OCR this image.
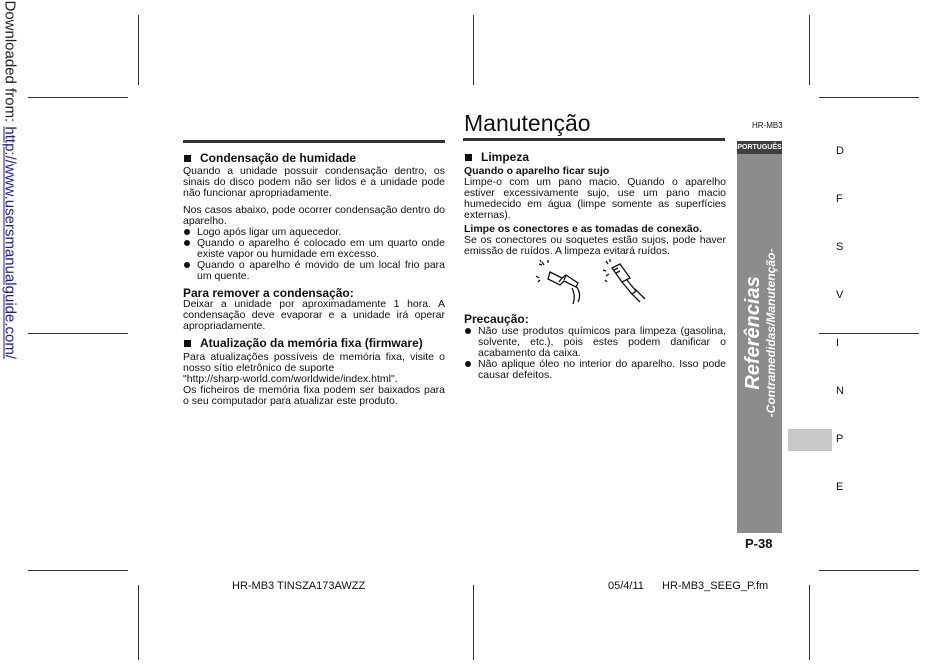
Downloaded from: http://www.usersmanualguide.com/
Manutenção	HR-MB3
Condensação de humidade

Quando a unidade possuir condensação dentro, os sinais do disco podem não ser lidos e a unidade pode não funcionar apropriadamente.

Nos casos abaixo, pode ocorrer condensação dentro do aparelho.

Logo após ligar um aquecedor.
Quando o aparelho é colocado em um quarto onde existe vapor ou humidade em excesso.
Quando o aparelho é movido de um local frio para um quente.
Para remover a condensação:

Deixar a unidade por aproximadamente 1 hora. A condensação deve evaporar e a unidade irá operar apropriadamente.

Atualização da memória fixa (firmware)

Para atualizações possíveis de memória fixa, visite o nosso sítio eletrônico de suporte

"http://sharp-world.com/worldwide/index.html".

Os ficheiros de memória fixa podem ser baixados para o seu computador para atualizar este produto.

Limpeza
Quando o aparelho ficar sujo

Limpe-o com um pano macio. Quando o aparelho estiver excessivamente sujo, use um pano macio humedecido em água (limpe somente as superfícies externas).

Limpe os conectores e as tomadas de conexão.

Se os conectores ou soquetes estão sujos, pode haver emissão de ruídos. A limpeza evitará ruídos.

Precaução:
Não use produtos químicos para limpeza (gasolina, solvente, etc.), pois estes podem danificar o acabamento da caixa.
Não aplique óleo no interior do aparelho. Isso pode causar defeitos.
PORTUGUÊS
Referências -Contramedidas/Manutenção-
D
F
S
V
I
N
P
E
P-38
HR-MB3 TINSZA173AWZZ	05/4/11 HR-MB3_SEEG_P.fm
